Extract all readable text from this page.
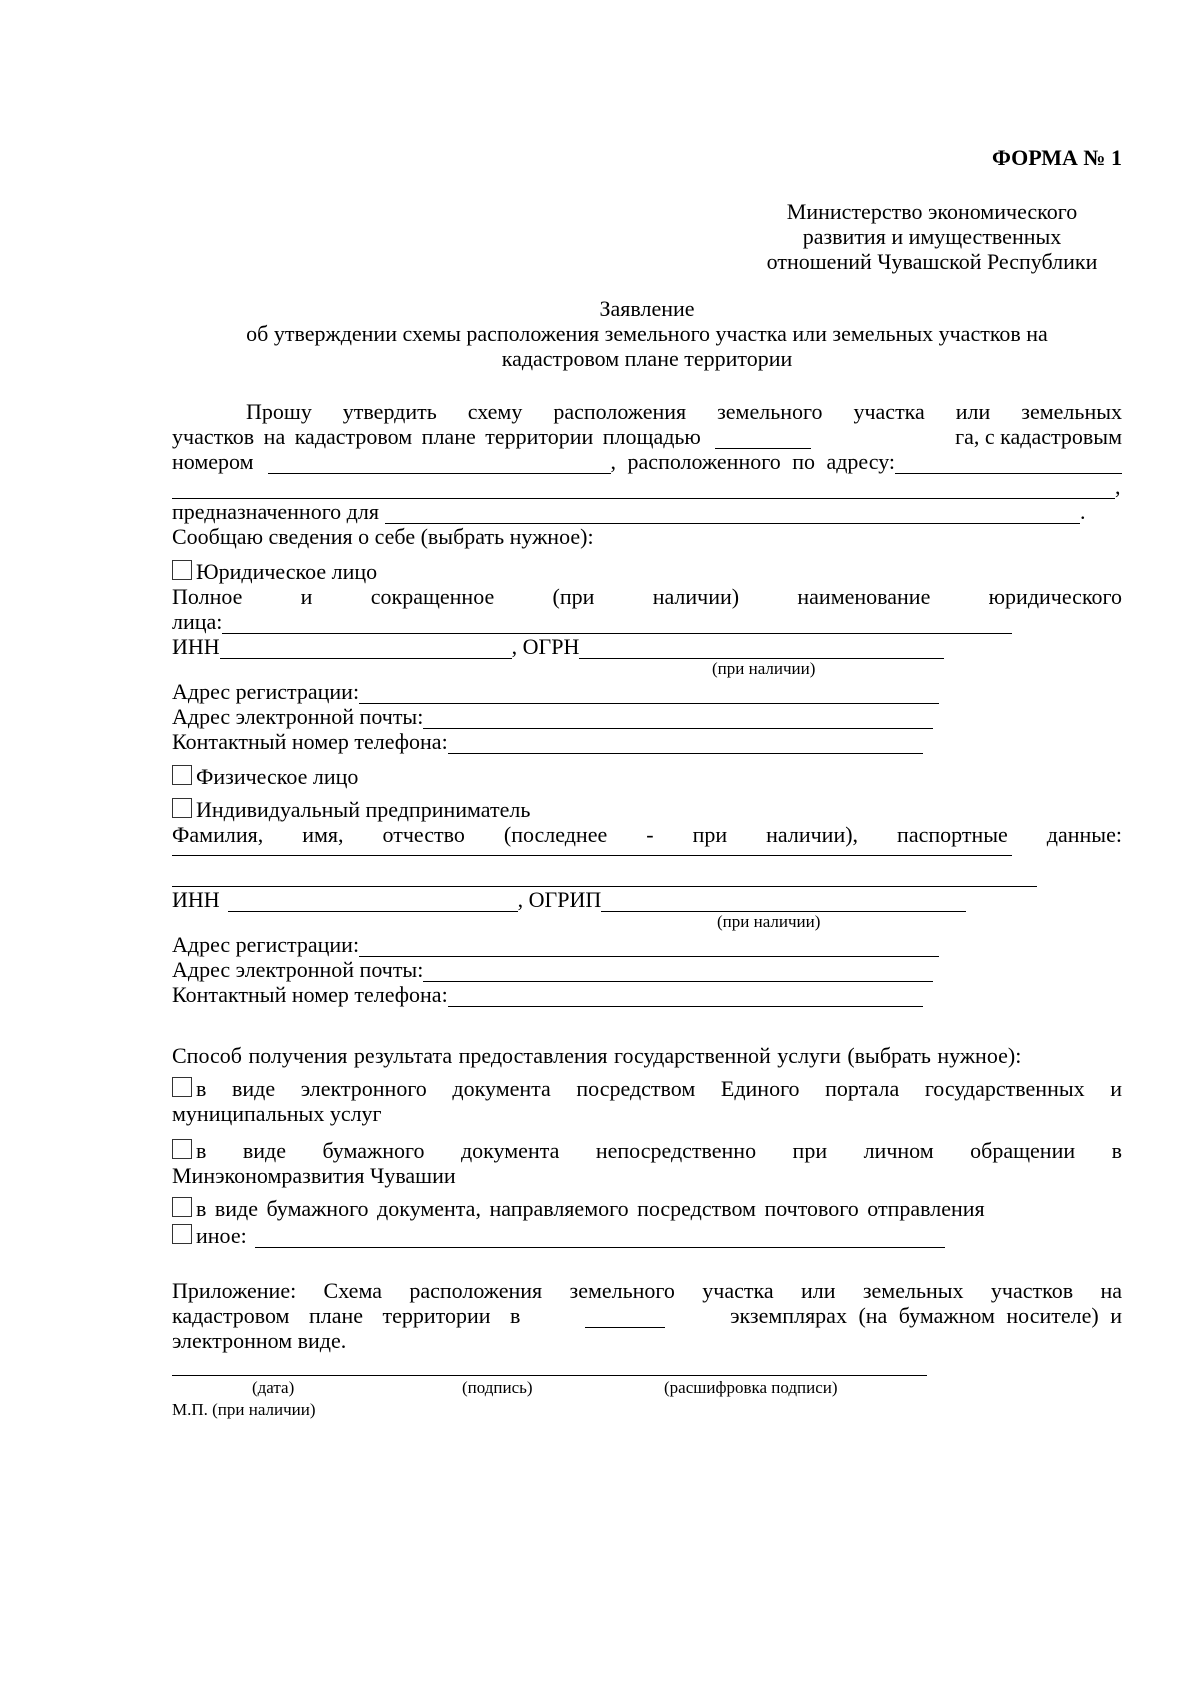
ФОРМА № 1
Министерство экономического
развития и имущественных
отношений Чувашской Республики
Заявление
об утверждении схемы расположения земельного участка или земельных участков на
кадастровом плане территории
Прошу утвердить схему расположения земельного участка или земельных
участков на кадастровом плане территории площадью	га, с кадастровым
номером	, расположенного по адресу:
,
предназначенного для	.
Сообщаю сведения о себе (выбрать нужное):
Юридическое лицо
Полное	и	сокращенное	(при	наличии)	наименование	юридического
лица:
ИНН	, ОГРН
(при наличии)
Адрес регистрации:
Адрес электронной почты:
Контактный номер телефона:
Физическое лицо
Индивидуальный предприниматель
Фамилия, имя, отчество (последнее - при наличии), паспортные данные:
ИНН	, ОГРИП
(при наличии)
Адрес регистрации:
Адрес электронной почты:
Контактный номер телефона:
Способ получения результата предоставления государственной услуги (выбрать нужное):
в виде электронного документа посредством Единого портала государственных и
муниципальных услуг
в виде бумажного документа непосредственно при личном обращении в
Минэкономразвития Чувашии
в виде бумажного документа, направляемого посредством почтового отправления
иное:
Приложение: Схема расположения земельного участка или земельных участков на
кадастровом плане территории в	экземплярах (на бумажном носителе) и
электронном виде.
(дата)	(подпись)	(расшифровка подписи)
М.П. (при наличии)
